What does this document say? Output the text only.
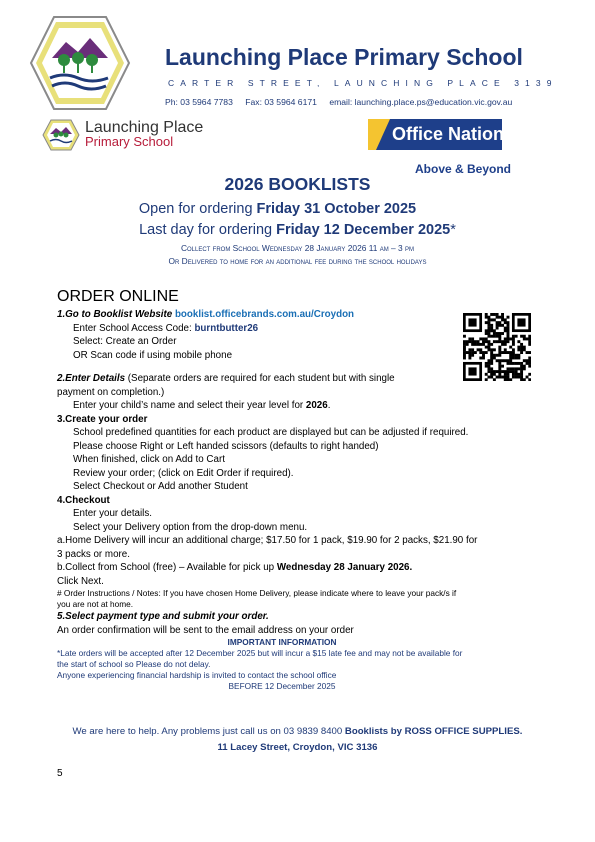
Launching Place Primary School
CARTER STREET, LAUNCHING PLACE 3139
Ph: 03 5964 7783 Fax: 03 5964 6171 email: launching.place.ps@education.vic.gov.au
Launching Place
Primary School	Office National
Above & Beyond
2026 BOOKLISTS
Open for ordering Friday 31 October 2025
Last day for ordering Friday 12 December 2025*
Collect from School Wednesday 28 January 2026 11 am – 3 pm
Or Delivered to home for an additional fee during the school holidays
ORDER ONLINE

1.Go to Booklist Website booklist.officebrands.com.au/Croydon

Enter School Access Code: burntbutter26

Select: Create an Order

OR Scan code if using mobile phone

2.Enter Details (Separate orders are required for each student but with single

payment on completion.)

Enter your child’s name and select their year level for 2026.

3.Create your order

School predefined quantities for each product are displayed but can be adjusted if required.

Please choose Right or Left handed scissors (defaults to right handed)

When finished, click on Add to Cart

Review your order; (click on Edit Order if required).

Select Checkout or Add another Student

4.Checkout

Enter your details.

Select your Delivery option from the drop-down menu.

a.Home Delivery will incur an additional charge; $17.50 for 1 pack, $19.90 for 2 packs, $21.90 for

3 packs or more.

b.Collect from School (free) – Available for pick up Wednesday 28 January 2026.

Click Next.

# Order Instructions / Notes: If you have chosen Home Delivery, please indicate where to leave your pack/s if

you are not at home.

5.Select payment type and submit your order.

An order confirmation will be sent to the email address on your order

IMPORTANT INFORMATION

*Late orders will be accepted after 12 December 2025 but will incur a $15 late fee and may not be available for

the start of school so Please do not delay.

Anyone experiencing financial hardship is invited to contact the school office

BEFORE 12 December 2025

We are here to help. Any problems just call us on 03 9839 8400 Booklists by ROSS OFFICE SUPPLIES.
11 Lacey Street, Croydon, VIC 3136
5
